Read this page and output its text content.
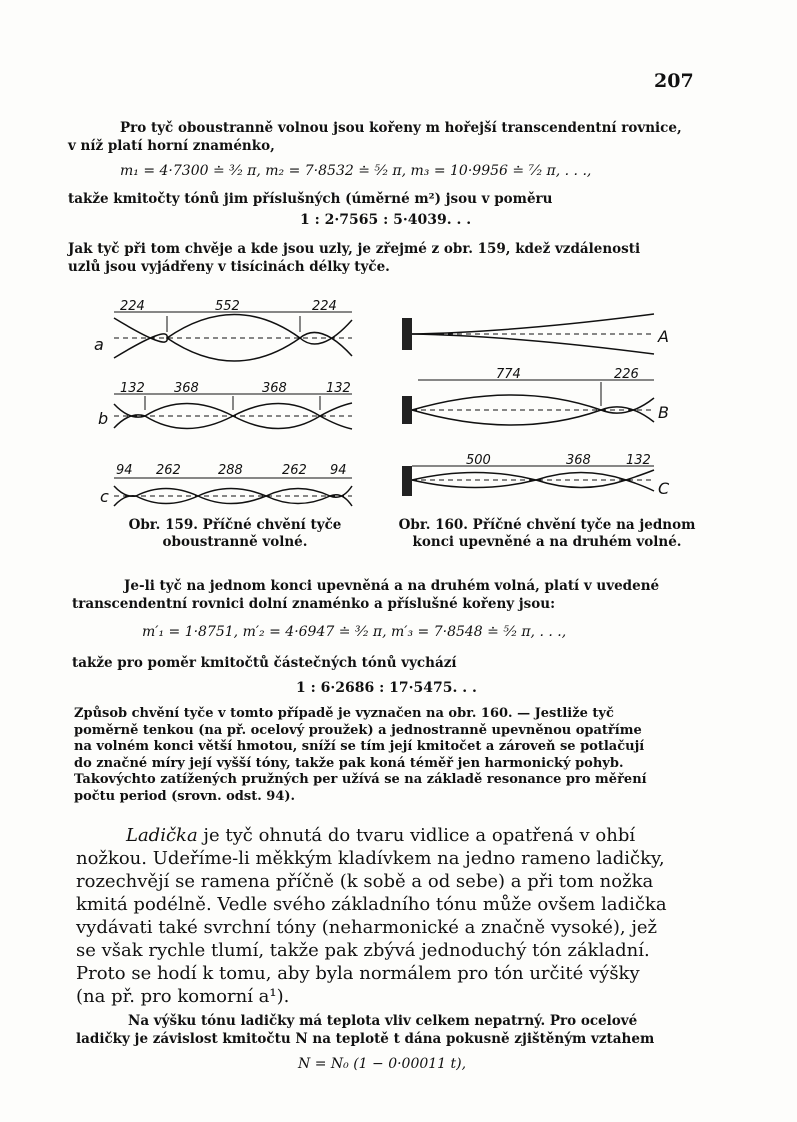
207
Pro tyč oboustranně volnou jsou kořeny m hořejší transcendentní rovnice,
v níž platí horní znaménko,
m₁ = 4·7300 ≐ ³⁄₂ π, m₂ = 7·8532 ≐ ⁵⁄₂ π, m₃ = 10·9956 ≐ ⁷⁄₂ π, . . .,
takže kmitočty tónů jim příslušných (úměrné m²) jsou v poměru
1 : 2·7565 : 5·4039. . .
Jak tyč při tom chvěje a kde jsou uzly, je zřejmé z obr. 159, kdež vzdálenosti
uzlů jsou vyjádřeny v tisícinách délky tyče.
224	552	224
a
132 368	368	132
b
94 262	288	262 94
c
A
774	226
B
500	368	132
C
Obr. 159. Příčné chvění tyče
oboustranně volné.
Obr. 160. Příčné chvění tyče na jednom
konci upevněné a na druhém volné.
Je-li tyč na jednom konci upevněná a na druhém volná, platí v uvedené
transcendentní rovnici dolní znaménko a příslušné kořeny jsou:
m′₁ = 1·8751, m′₂ = 4·6947 ≐ ³⁄₂ π, m′₃ = 7·8548 ≐ ⁵⁄₂ π, . . .,
takže pro poměr kmitočtů částečných tónů vychází
1 : 6·2686 : 17·5475. . .
Způsob chvění tyče v tomto případě je vyznačen na obr. 160. — Jestliže tyč
poměrně tenkou (na př. ocelový proužek) a jednostranně upevněnou opatříme
na volném konci větší hmotou, sníží se tím její kmitočet a zároveň se potlačují
do značné míry její vyšší tóny, takže pak koná téměř jen harmonický pohyb.
Takovýchto zatížených pružných per užívá se na základě resonance pro měření
počtu period (srovn. odst. 94).
Ladička je tyč ohnutá do tvaru vidlice a opatřená v ohbí
nožkou. Udeříme-li měkkým kladívkem na jedno rameno ladičky,
rozechvějí se ramena příčně (k sobě a od sebe) a při tom nožka
kmitá podélně. Vedle svého základního tónu může ovšem ladička
vydávati také svrchní tóny (neharmonické a značně vysoké), jež
se však rychle tlumí, takže pak zbývá jednoduchý tón základní.
Proto se hodí k tomu, aby byla normálem pro tón určité výšky
(na př. pro komorní a¹).
Na výšku tónu ladičky má teplota vliv celkem nepatrný. Pro ocelové
ladičky je závislost kmitočtu N na teplotě t dána pokusně zjištěným vztahem
N = N₀ (1 − 0·00011 t),
